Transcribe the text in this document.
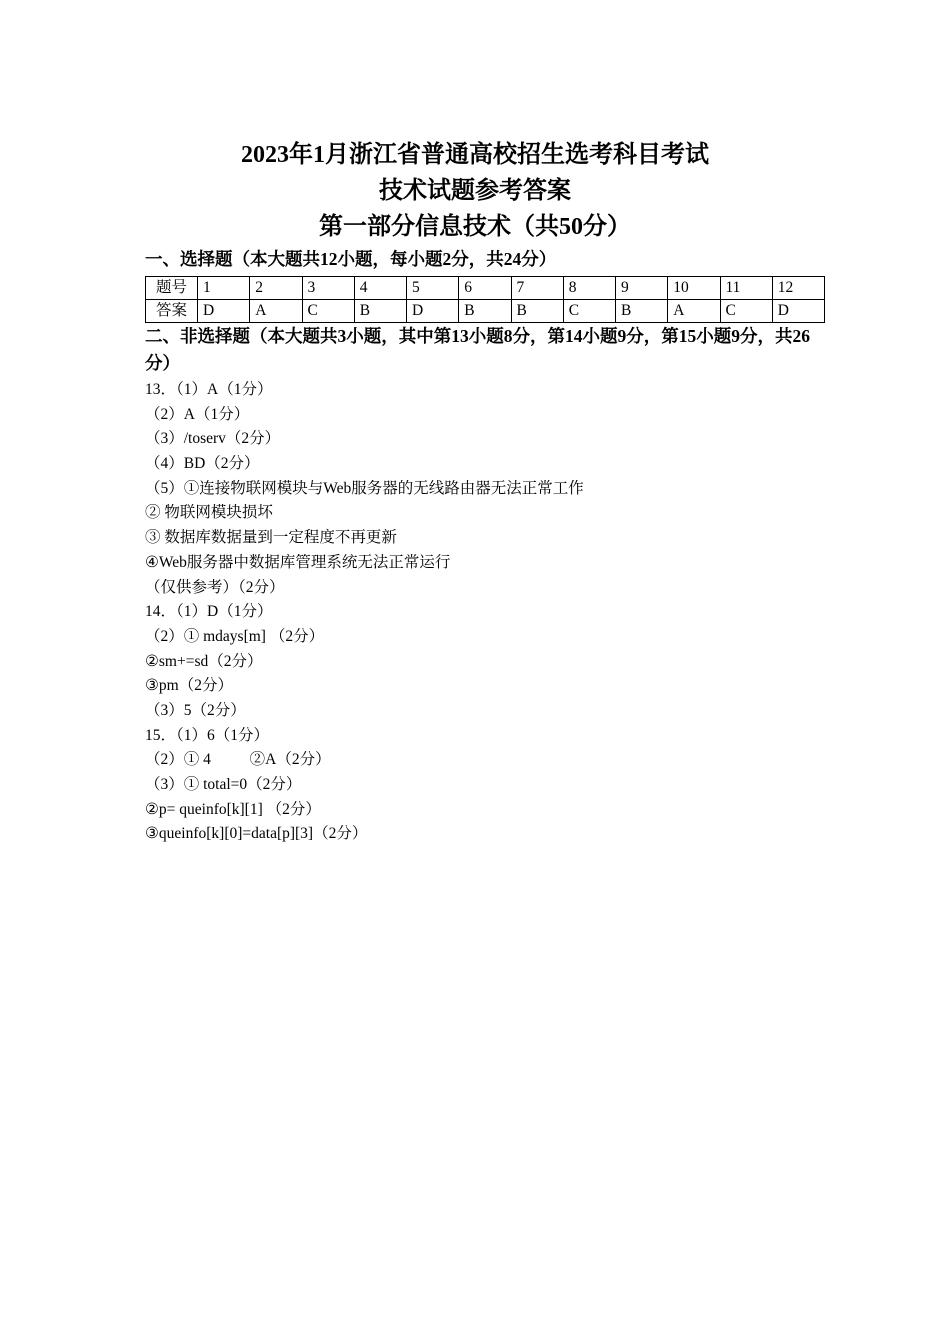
2023年1月浙江省普通高校招生选考科目考试
技术试题参考答案
第一部分信息技术（共50分）
一、选择题（本大题共12小题，每小题2分，共24分）
题号	1	2	3	4	5	6	7	8	9	10	11	12
答案	D	A	C	B	D	B	B	C	B	A	C	D
二、非选择题（本大题共3小题，其中第13小题8分，第14小题9分，第15小题9分，共26分）
13．（1）A（1分）
（2）A（1分）
（3）/toserv（2分）
（4）BD（2分）
（5）①连接物联网模块与Web服务器的无线路由器无法正常工作
② 物联网模块损坏
③ 数据库数据量到一定程度不再更新
④Web服务器中数据库管理系统无法正常运行
（仅供参考）（2分）
14．（1）D（1分）
（2）① mdays[m] （2分）
②sm+=sd（2分）
③pm（2分）
（3）5（2分）
15．（1）6（1分）
（2）① 4          ②A（2分）
（3）① total=0（2分）
②p= queinfo[k][1] （2分）
③queinfo[k][0]=data[p][3]（2分）
